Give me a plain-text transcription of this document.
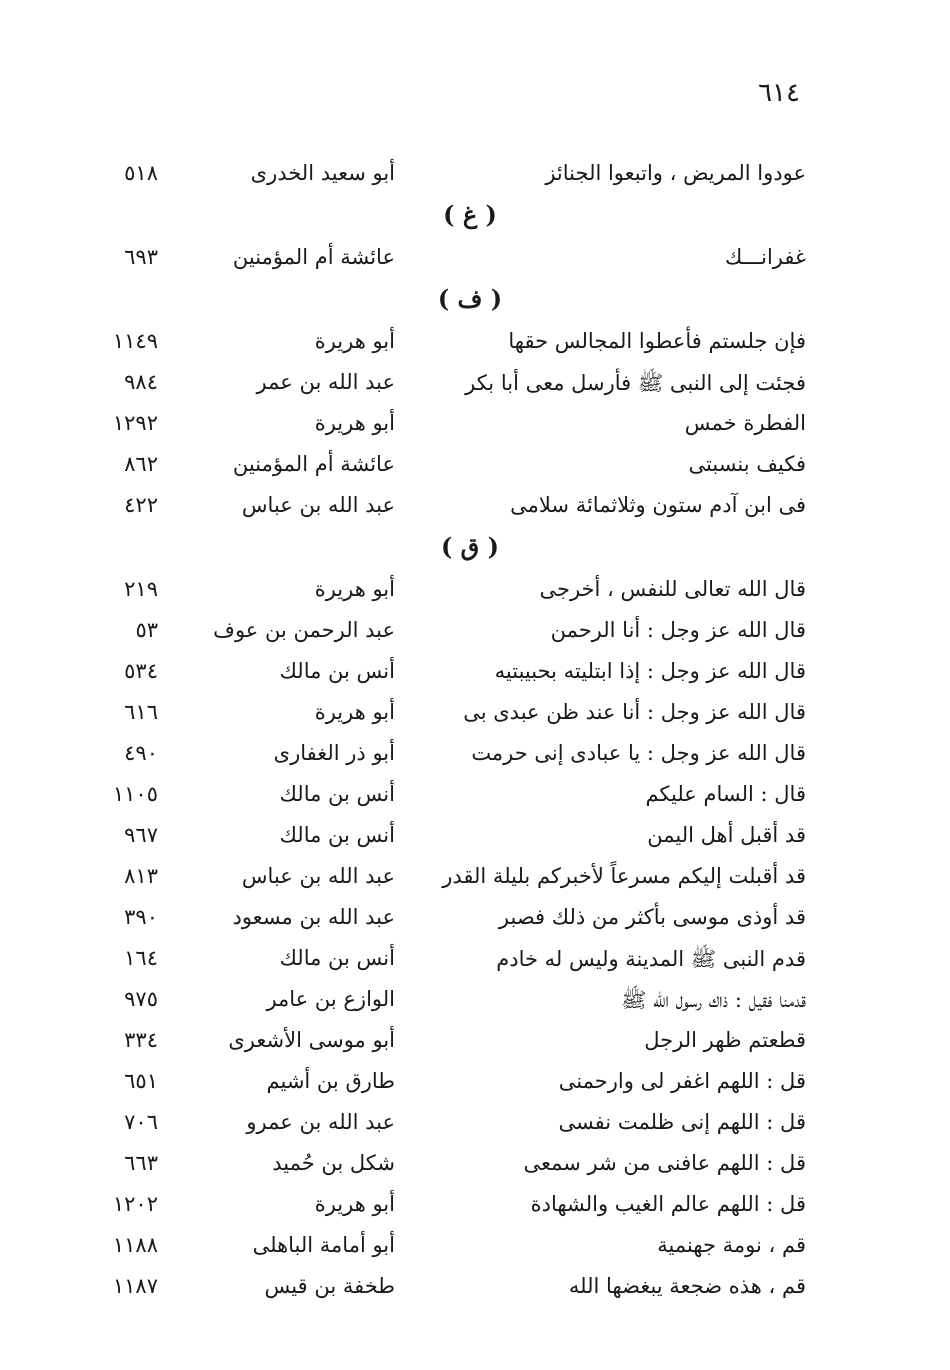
٦١٤
عودوا المريض ، واتبعوا الجنائز
أبو سعيد الخدرى
٥١٨
( غ )
غفرانـــك
عائشة أم المؤمنين
٦٩٣
( ف )
فإن جلستم فأعطوا المجالس حقها
أبو هريرة
١١٤٩
فجئت إلى النبى ﷺ فأرسل معى أبا بكر
عبد الله بن عمر
٩٨٤
الفطرة خمس
أبو هريرة
١٢٩٢
فكيف بنسبتى
عائشة أم المؤمنين
٨٦٢
فى ابن آدم ستون وثلاثمائة سلامى
عبد الله بن عباس
٤٢٢
( ق )
قال الله تعالى للنفس ، أخرجى
أبو هريرة
٢١٩
قال الله عز وجل : أنا الرحمن
عبد الرحمن بن عوف
٥٣
قال الله عز وجل : إذا ابتليته بحبيبتيه
أنس بن مالك
٥٣٤
قال الله عز وجل : أنا عند ظن عبدى بى
أبو هريرة
٦١٦
قال الله عز وجل : يا عبادى إنى حرمت
أبو ذر الغفارى
٤٩٠
قال : السام عليكم
أنس بن مالك
١١٠٥
قد أقبل أهل اليمن
أنس بن مالك
٩٦٧
قد أقبلت إليكم مسرعاً لأخبركم بليلة القدر
عبد الله بن عباس
٨١٣
قد أوذى موسى بأكثر من ذلك فصبر
عبد الله بن مسعود
٣٩٠
قدم النبى ﷺ المدينة وليس له خادم
أنس بن مالك
١٦٤
قدمنا فقيل : ذاك رسول الله ﷺ
الوازع بن عامر
٩٧٥
قطعتم ظهر الرجل
أبو موسى الأشعرى
٣٣٤
قل : اللهم اغفر لى وارحمنى
طارق بن أشيم
٦٥١
قل : اللهم إنى ظلمت نفسى
عبد الله بن عمرو
٧٠٦
قل : اللهم عافنى من شر سمعى
شكل بن حُميد
٦٦٣
قل : اللهم عالم الغيب والشهادة
أبو هريرة
١٢٠٢
قم ، نومة جهنمية
أبو أمامة الباهلى
١١٨٨
قم ، هذه ضجعة يبغضها الله
طخفة بن قيس
١١٨٧
